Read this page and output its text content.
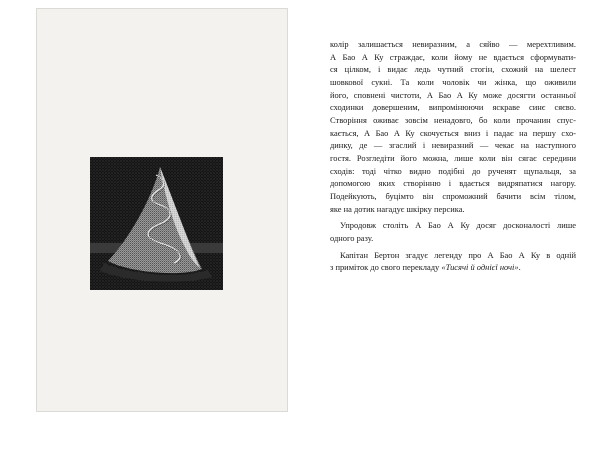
колір залишається невиразним, а сяйво — мерехтливим.
А Бао А Ку страждає, коли йому не вдається сформувати-
ся цілком, і видає ледь чутний стогін, схожий на шелест
шовкової сукні. Та коли чоловік чи жінка, що оживили
його, сповнені чистоти, А Бао А Ку може досягти останньої
сходинки довершеним, випромінюючи яскраве синє сяєво.
Створіння оживає зовсім ненадовго, бо коли прочанин спус-
кається, А Бао А Ку скочується вниз і падає на першу схо-
динку, де — згаслий і невиразний — чекає на наступного
гостя. Розгледіти його можна, лише коли він сягає середини
сходів: тоді чітко видно подібні до рученят щупальця, за
допомогою яких створінню і вдається видряпатися нагору.
Подейкують, буцімто він спроможний бачити всім тілом,
яке на дотик нагадує шкірку персика.

Упродовж століть А Бао А Ку досяг досконалості лише
одного разу.

Капітан Бертон згадує легенду про А Бао А Ку в одній
з приміток до свого перекладу «Тисячі й однієї ночі».
